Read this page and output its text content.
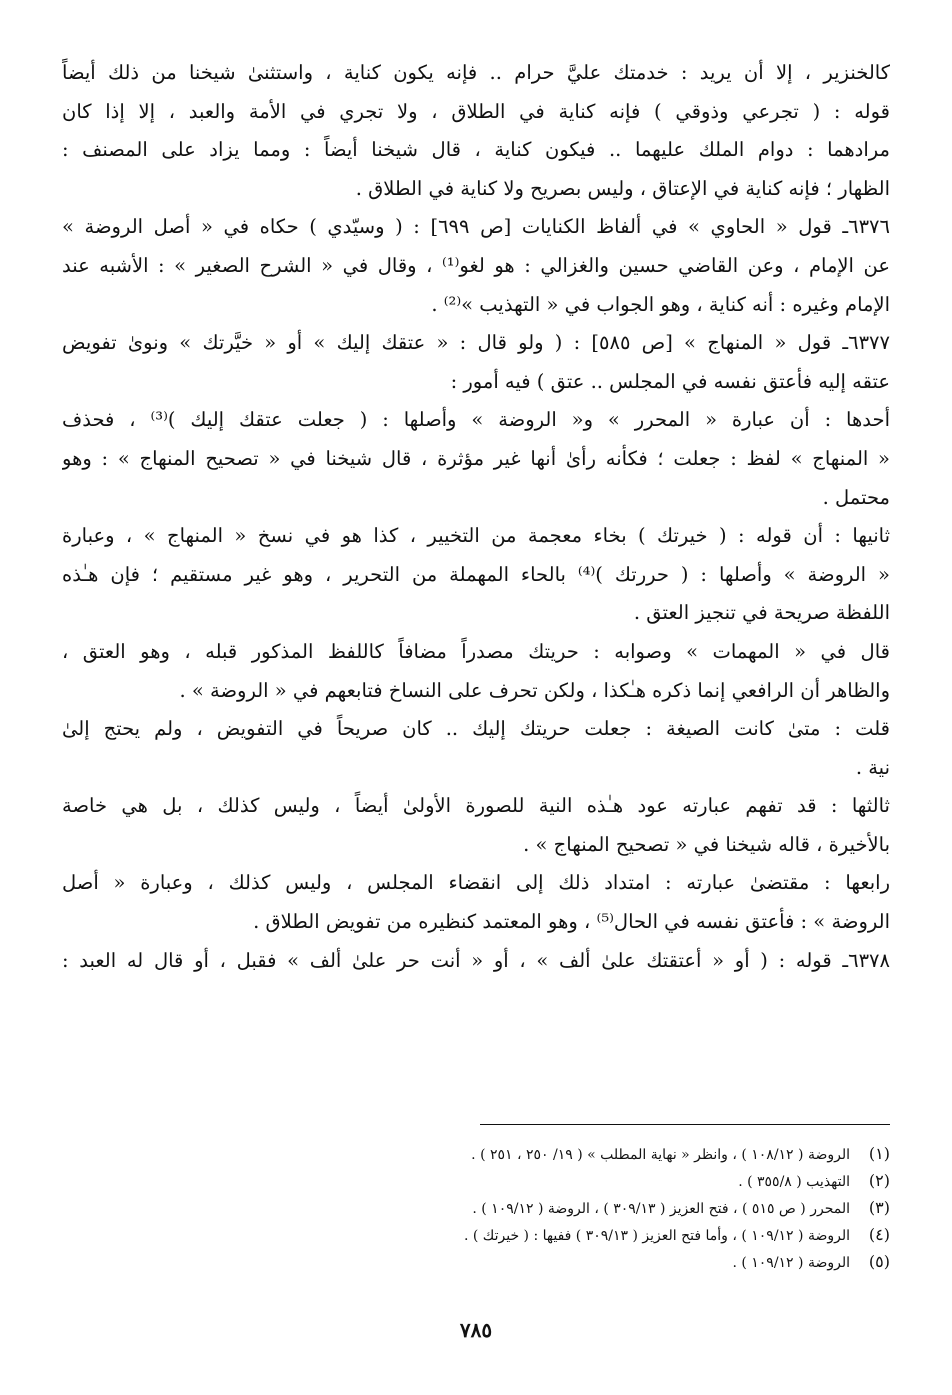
كالخنزير ، إلا أن يريد : خدمتك عليَّ حرام .. فإنه يكون كناية ، واستثنىٰ شيخنا من ذلك أيضاً
قوله : ( تجرعي وذوقي ) فإنه كناية في الطلاق ، ولا تجري في الأمة والعبد ، إلا إذا كان
مرادهما : دوام الملك عليهما .. فيكون كناية ، قال شيخنا أيضاً : ومما يزاد على المصنف :
الظهار ؛ فإنه كناية في الإعتاق ، وليس بصريح ولا كناية في الطلاق .
٦٣٧٦ـ قول « الحاوي » في ألفاظ الكنايات [ص ٦٩٩] : ( وسيّدي ) حكاه في « أصل الروضة »
عن الإمام ، وعن القاضي حسين والغزالي : هو لغو⁽¹⁾ ، وقال في « الشرح الصغير » : الأشبه عند
الإمام وغيره : أنه كناية ، وهو الجواب في « التهذيب »⁽²⁾ .
٦٣٧٧ـ قول « المنهاج » [ص ٥٨٥] : ( ولو قال : « عتقك إليك » أو « خيَّرتك » ونوىٰ تفويض
عتقه إليه فأعتق نفسه في المجلس .. عتق ) فيه أمور :
أحدها : أن عبارة « المحرر » و« الروضة » وأصلها : ( جعلت عتقك إليك )⁽³⁾ ، فحذف
« المنهاج » لفظ : جعلت ؛ فكأنه رأىٰ أنها غير مؤثرة ، قال شيخنا في « تصحيح المنهاج » : وهو
محتمل .
ثانيها : أن قوله : ( خيرتك ) بخاء معجمة من التخيير ، كذا هو في نسخ « المنهاج » ، وعبارة
« الروضة » وأصلها : ( حررتك )⁽⁴⁾ بالحاء المهملة من التحرير ، وهو غير مستقيم ؛ فإن هـٰذه
اللفظة صريحة في تنجيز العتق .
قال في « المهمات » وصوابه : حريتك مصدراً مضافاً كاللفظ المذكور قبله ، وهو العتق ،
والظاهر أن الرافعي إنما ذكره هـٰكذا ، ولكن تحرف على النساخ فتابعهم في « الروضة » .
قلت : متىٰ كانت الصيغة : جعلت حريتك إليك .. كان صريحاً في التفويض ، ولم يحتج إلىٰ
نية .
ثالثها : قد تفهم عبارته عود هـٰذه النية للصورة الأولىٰ أيضاً ، وليس كذلك ، بل هي خاصة
بالأخيرة ، قاله شيخنا في « تصحيح المنهاج » .
رابعها : مقتضىٰ عبارته : امتداد ذلك إلى انقضاء المجلس ، وليس كذلك ، وعبارة « أصل
الروضة » : فأعتق نفسه في الحال⁽⁵⁾ ، وهو المعتمد كنظيره من تفويض الطلاق .
٦٣٧٨ـ قوله : ( أو « أعتقتك علىٰ ألف » ، أو « أنت حر علىٰ ألف » فقبل ، أو قال له العبد :
(١)الروضة ( ١٠٨/١٢ ) ، وانظر « نهاية المطلب » ( ١٩/ ٢٥٠ ، ٢٥١ ) .
(٢)التهذيب ( ٣٥٥/٨ ) .
(٣)المحرر ( ص ٥١٥ ) ، فتح العزيز ( ٣٠٩/١٣ ) ، الروضة ( ١٠٩/١٢ ) .
(٤)الروضة ( ١٠٩/١٢ ) ، وأما فتح العزيز ( ٣٠٩/١٣ ) ففيها : ( خيرتك ) .
(٥)الروضة ( ١٠٩/١٢ ) .
٧٨٥
